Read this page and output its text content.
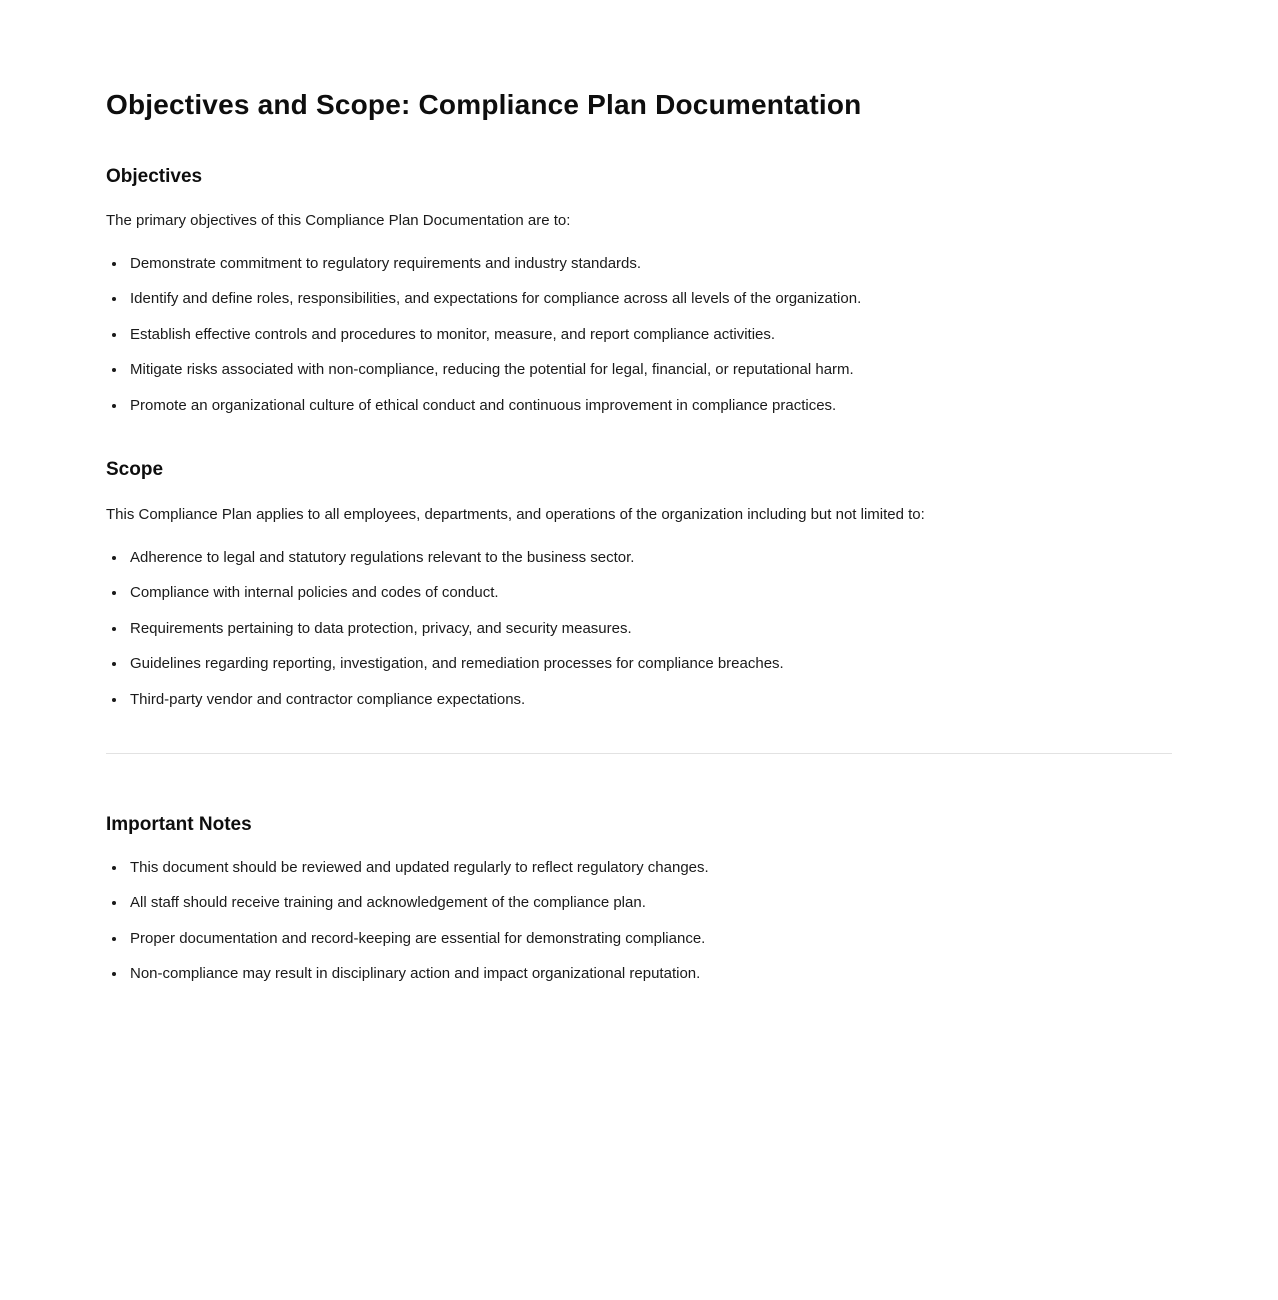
Objectives and Scope: Compliance Plan Documentation
Objectives

The primary objectives of this Compliance Plan Documentation are to:

• Demonstrate commitment to regulatory requirements and industry standards.
• Identify and define roles, responsibilities, and expectations for compliance across all levels of the organization.
• Establish effective controls and procedures to monitor, measure, and report compliance activities.
• Mitigate risks associated with non-compliance, reducing the potential for legal, financial, or reputational harm.
• Promote an organizational culture of ethical conduct and continuous improvement in compliance practices.
Scope

This Compliance Plan applies to all employees, departments, and operations of the organization including but not limited to:

• Adherence to legal and statutory regulations relevant to the business sector.
• Compliance with internal policies and codes of conduct.
• Requirements pertaining to data protection, privacy, and security measures.
• Guidelines regarding reporting, investigation, and remediation processes for compliance breaches.
• Third-party vendor and contractor compliance expectations.
Important Notes
• This document should be reviewed and updated regularly to reflect regulatory changes.
• All staff should receive training and acknowledgement of the compliance plan.
• Proper documentation and record-keeping are essential for demonstrating compliance.
• Non-compliance may result in disciplinary action and impact organizational reputation.
